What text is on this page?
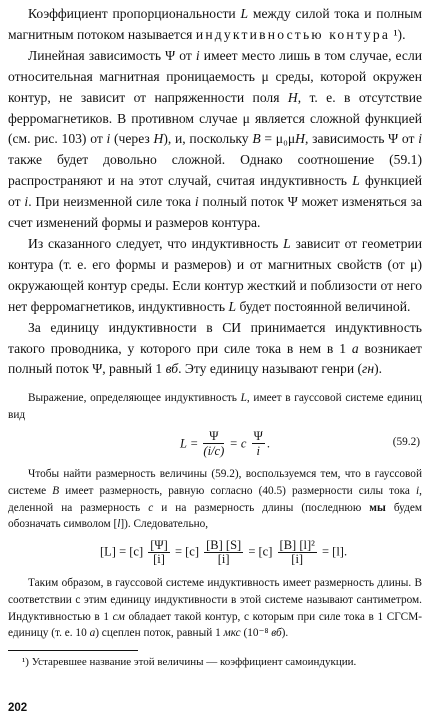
Коэффициент пропорциональности L между силой тока и полным магнитным потоком называется индуктивностью контура ¹).

Линейная зависимость Ψ от i имеет место лишь в том случае, если относительная магнитная проницаемость μ среды, которой окружен контур, не зависит от напряженности поля H, т. е. в отсутствие ферромагнетиков. В противном случае μ является сложной функцией (см. рис. 103) от i (через H), и, поскольку B = μ₀μH, зависимость Ψ от i также будет довольно сложной. Однако соотношение (59.1) распространяют и на этот случай, считая индуктивность L функцией от i. При неизменной силе тока i полный поток Ψ может изменяться за счет изменений формы и размеров контура.

Из сказанного следует, что индуктивность L зависит от геометрии контура (т. е. его формы и размеров) и от магнитных свойств (от μ) окружающей контур среды. Если контур жесткий и поблизости от него нет ферромагнетиков, индуктивность L будет постоянной величиной.

За единицу индуктивности в СИ принимается индуктивность такого проводника, у которого при силе тока в нем в 1 а возникает полный поток Ψ, равный 1 вб. Эту единицу называют генри (гн).

Выражение, определяющее индуктивность L, имеет в гауссовой системе единиц вид

$L = \frac{\Psi}{(i/c)} = c \frac{\Psi}{i}$ .	(59.2)

Чтобы найти размерность величины (59.2), воспользуемся тем, что в гауссовой системе B имеет размерность, равную согласно (40.5) размерности силы тока i, деленной на размерность c и на размерность длины (последнюю мы будем обозначать символом [l]). Следовательно,

$[L] = [c] \frac{[\Psi]}{[i]} = [c] \frac{[B] [S]}{[i]} = [c] \frac{\text{[B] [l]²}}{[i]} = [l]$.

Таким образом, в гауссовой системе индуктивность имеет размерность длины. В соответствии с этим единицу индуктивности в этой системе называют сантиметром. Индуктивностью в 1 см обладает такой контур, с которым при силе тока в 1 СГСМ-единицу (т. е. 10 а) сцеплен поток, равный 1 мкс (10⁻⁸ вб).

¹) Устаревшее название этой величины — коэффициент самоиндукции.

202
